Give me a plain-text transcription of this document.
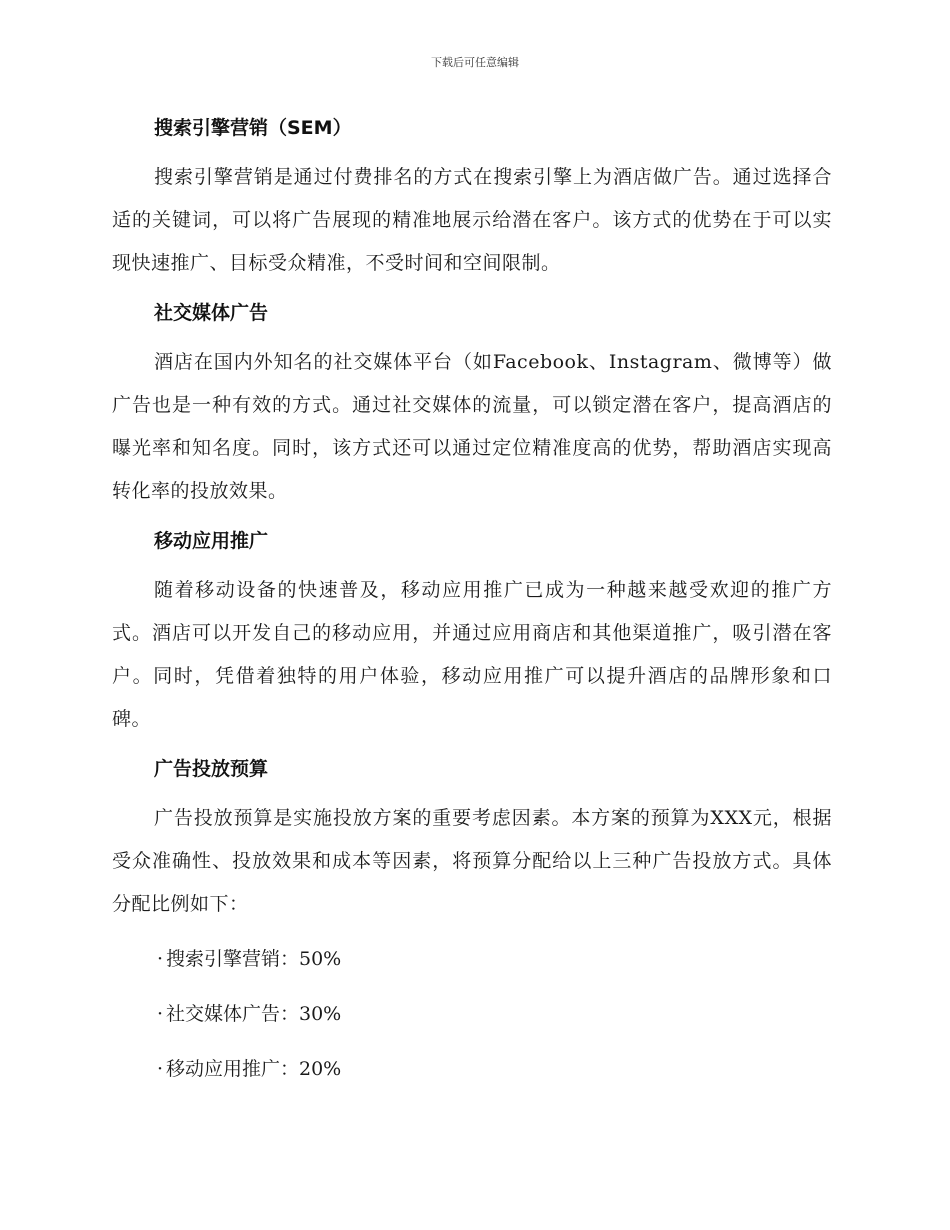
下载后可任意编辑
搜索引擎营销（SEM）

搜索引擎营销是通过付费排名的方式在搜索引擎上为酒店做广告。通过选择合适的关键词，可以将广告展现的精准地展示给潜在客户。该方式的优势在于可以实现快速推广、目标受众精准，不受时间和空间限制。

社交媒体广告

酒店在国内外知名的社交媒体平台（如Facebook、Instagram、微博等）做广告也是一种有效的方式。通过社交媒体的流量，可以锁定潜在客户，提高酒店的曝光率和知名度。同时，该方式还可以通过定位精准度高的优势，帮助酒店实现高转化率的投放效果。

移动应用推广

随着移动设备的快速普及，移动应用推广已成为一种越来越受欢迎的推广方式。酒店可以开发自己的移动应用，并通过应用商店和其他渠道推广，吸引潜在客户。同时，凭借着独特的用户体验，移动应用推广可以提升酒店的品牌形象和口碑。

广告投放预算

广告投放预算是实施投放方案的重要考虑因素。本方案的预算为XXX元，根据受众准确性、投放效果和成本等因素，将预算分配给以上三种广告投放方式。具体分配比例如下：

· 搜索引擎营销：50%
· 社交媒体广告：30%
· 移动应用推广：20%
